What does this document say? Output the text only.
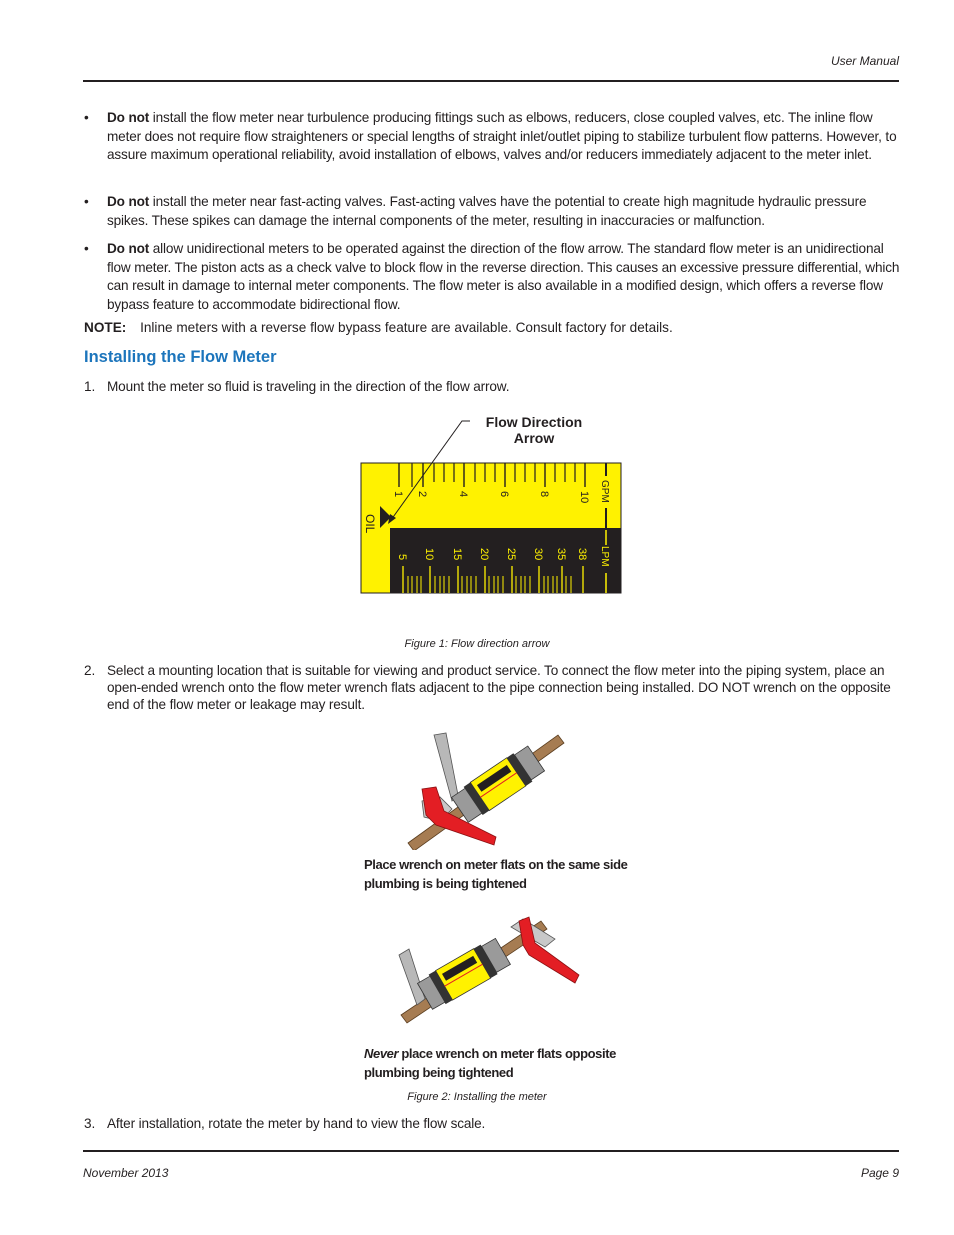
User Manual
• Do not install the flow meter near turbulence producing fittings such as elbows, reducers, close coupled valves, etc. The inline flow meter does not require flow straighteners or special lengths of straight inlet/outlet piping to stabilize turbulent flow patterns. However, to assure maximum operational reliability, avoid installation of elbows, valves and/or reducers immediately adjacent to the meter inlet.
• Do not install the meter near fast-acting valves. Fast-acting valves have the potential to create high magnitude hydraulic pressure spikes. These spikes can damage the internal components of the meter, resulting in inaccuracies or malfunction.
• Do not allow unidirectional meters to be operated against the direction of the flow arrow. The standard flow meter is an unidirectional flow meter. The piston acts as a check valve to block flow in the reverse direction. This causes an excessive pressure differential, which can result in damage to internal meter components. The flow meter is also available in a modified design, which offers a reverse flow bypass feature to accommodate bidirectional flow.
NOTE: Inline meters with a reverse flow bypass feature are available. Consult factory for details.
Installing the Flow Meter
1. Mount the meter so fluid is traveling in the direction of the flow arrow.
Flow Direction
Arrow
1 2	4	6	8	10 GPM
OIL
5 10 15 20 25 30 35 38 LPM
Figure 1: Flow direction arrow
2. Select a mounting location that is suitable for viewing and product service. To connect the flow meter into the piping system, place an open-ended wrench onto the flow meter wrench flats adjacent to the pipe connection being installed. DO NOT wrench on the opposite end of the flow meter or leakage may result.
Place wrench on meter flats on the same side
plumbing is being tightened
Never place wrench on meter flats opposite
plumbing being tightened
Figure 2: Installing the meter
3. After installation, rotate the meter by hand to view the flow scale.
November 2013	Page 9
